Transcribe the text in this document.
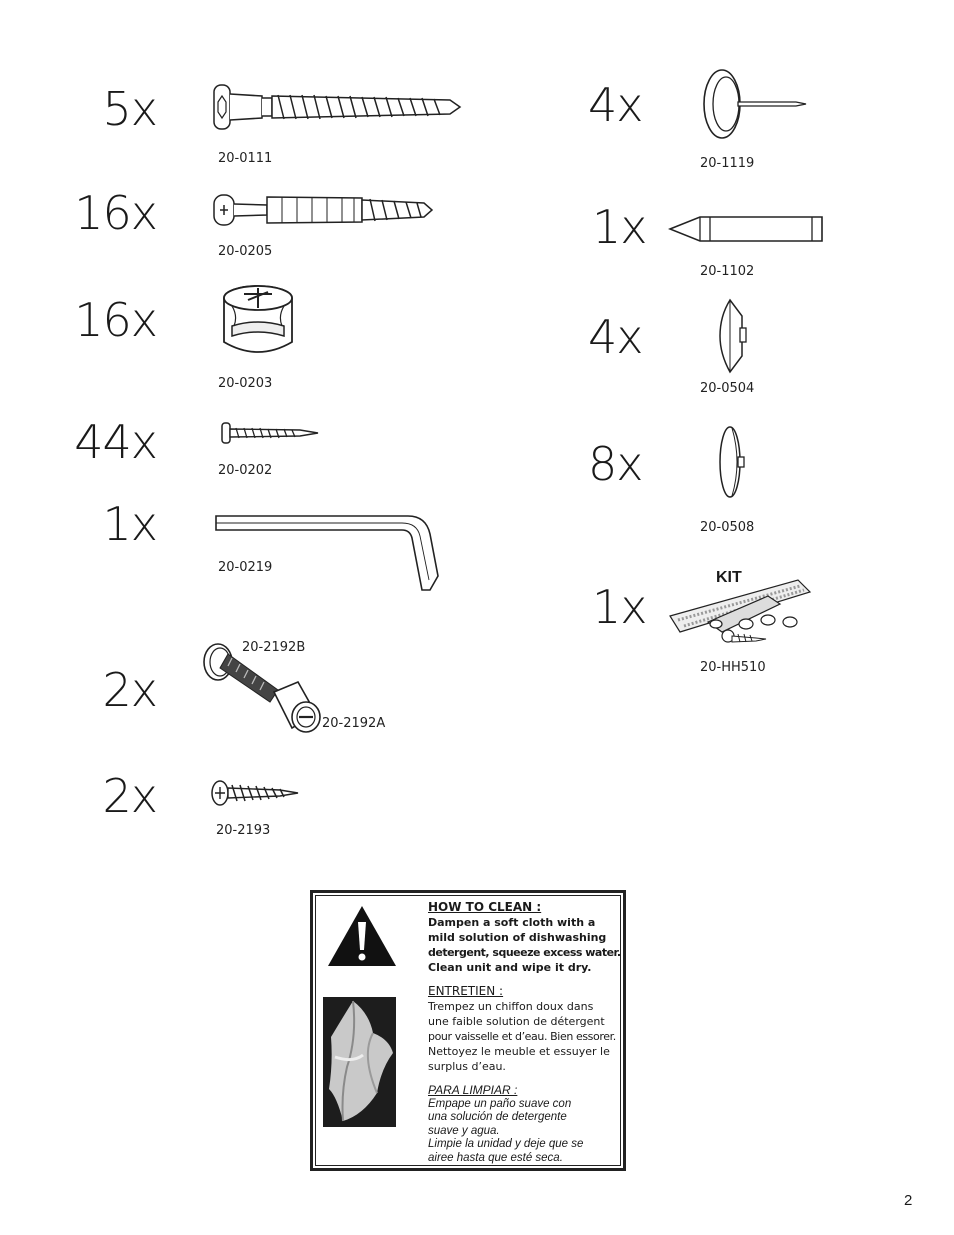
5x
20-0111
16x
20-0205
16x
20-0203
44x
20-0202
1x
20-0219
2x
20-2192B
20-2192A
2x
20-2193
4x
20-1119
1x
20-1102
4x
20-0504
8x
20-0508
1x
KIT
20-HH510

HOW TO CLEAN :

Dampen a soft cloth with a

mild solution of dishwashing

detergent, squeeze excess water.

Clean unit and wipe it dry.

ENTRETIEN :

Trempez un chiffon doux dans

une faible solution de détergent

pour vaisselle et d’eau. Bien essorer.

Nettoyez le meuble et essuyer le

surplus d’eau.

PARA LIMPIAR :

Empape un paño suave con

una solución de detergente

suave y agua.

Limpie la unidad y deje que se

airee hasta que esté seca.

2
